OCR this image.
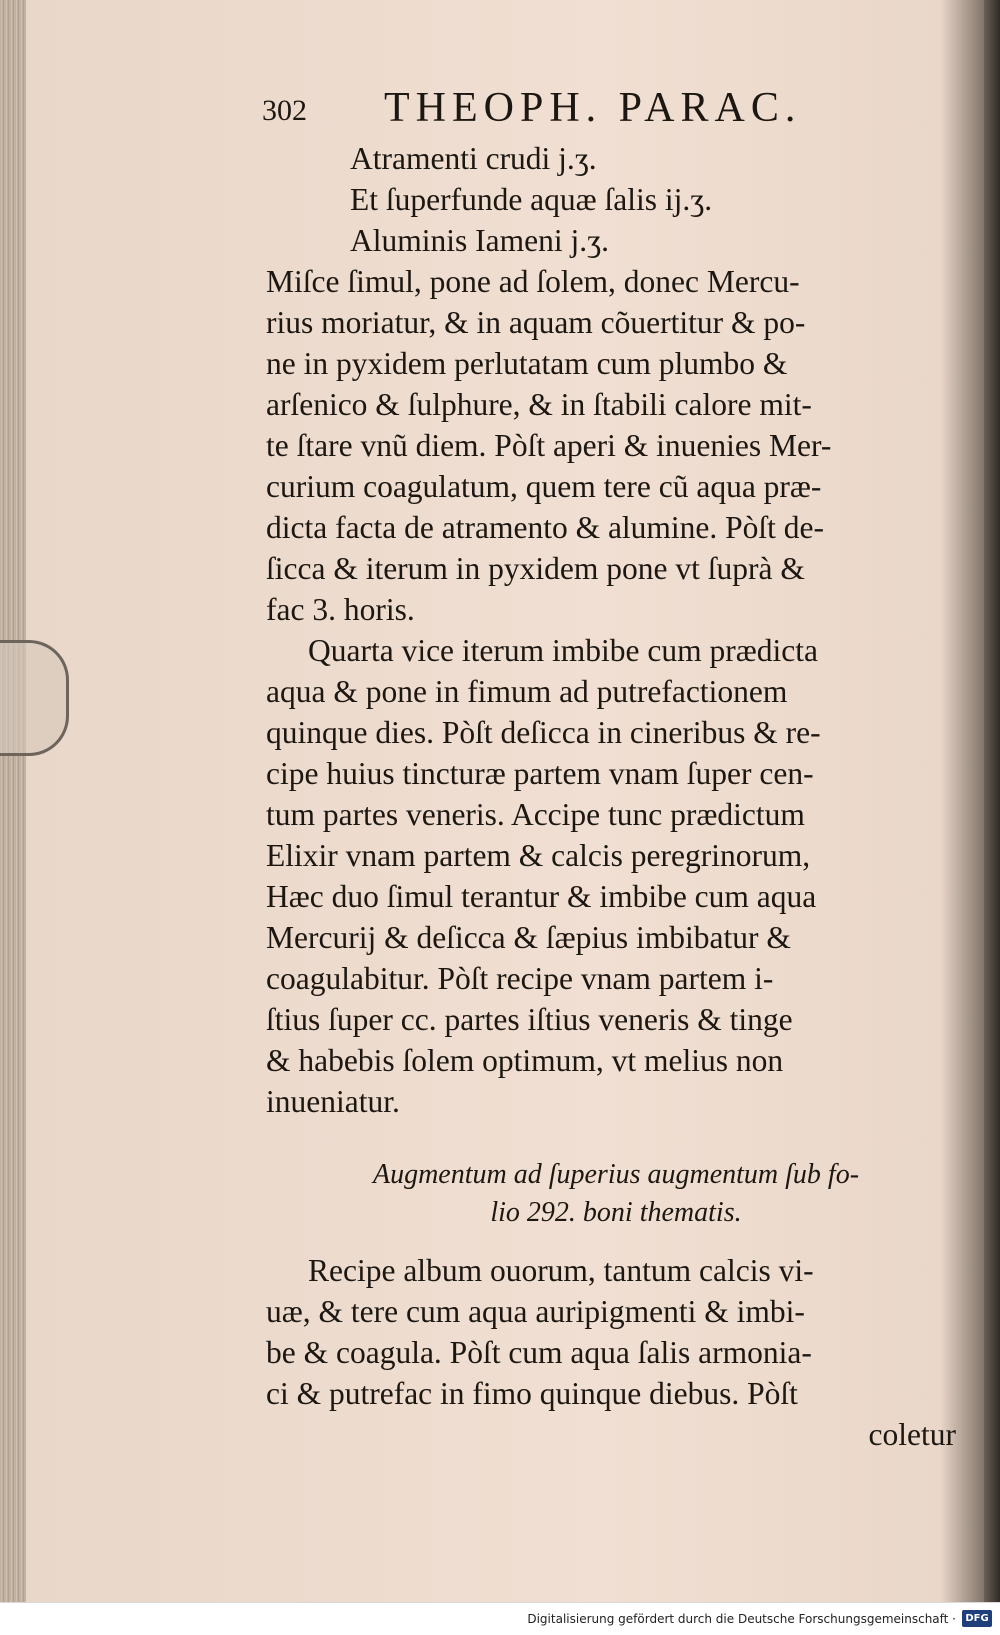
302 THEOPH. PARAC.
Atramenti crudi j.ʒ.
Et ſuperfunde aquæ ſalis ij.ʒ.
Aluminis Iameni j.ʒ.
Miſce ſimul, pone ad ſolem, donec Mercu-
rius moriatur, & in aquam cõuertitur & po-
ne in pyxidem perlutatam cum plumbo &
arſenico & ſulphure, & in ſtabili calore mit-
te ſtare vnũ diem. Pòſt aperi & inuenies Mer-
curium coagulatum, quem tere cũ aqua præ-
dicta facta de atramento & alumine. Pòſt de-
ſicca & iterum in pyxidem pone vt ſuprà &
fac 3. horis.
Quarta vice iterum imbibe cum prædicta
aqua & pone in fimum ad putrefactionem
quinque dies. Pòſt deſicca in cineribus & re-
cipe huius tincturæ partem vnam ſuper cen-
tum partes veneris. Accipe tunc prædictum
Elixir vnam partem & calcis peregrinorum,
Hæc duo ſimul terantur & imbibe cum aqua
Mercurij & deſicca & ſæpius imbibatur &
coagulabitur. Pòſt recipe vnam partem i-
ſtius ſuper cc. partes iſtius veneris & tinge
& habebis ſolem optimum, vt melius non
inueniatur.
Augmentum ad ſuperius augmentum ſub fo-
lio 292. boni thematis.
Recipe album ouorum, tantum calcis vi-
uæ, & tere cum aqua auripigmenti & imbi-
be & coagula. Pòſt cum aqua ſalis armonia-
ci & putrefac in fimo quinque diebus. Pòſt
coletur
Digitalisierung gefördert durch die Deutsche Forschungsgemeinschaft · DFG
